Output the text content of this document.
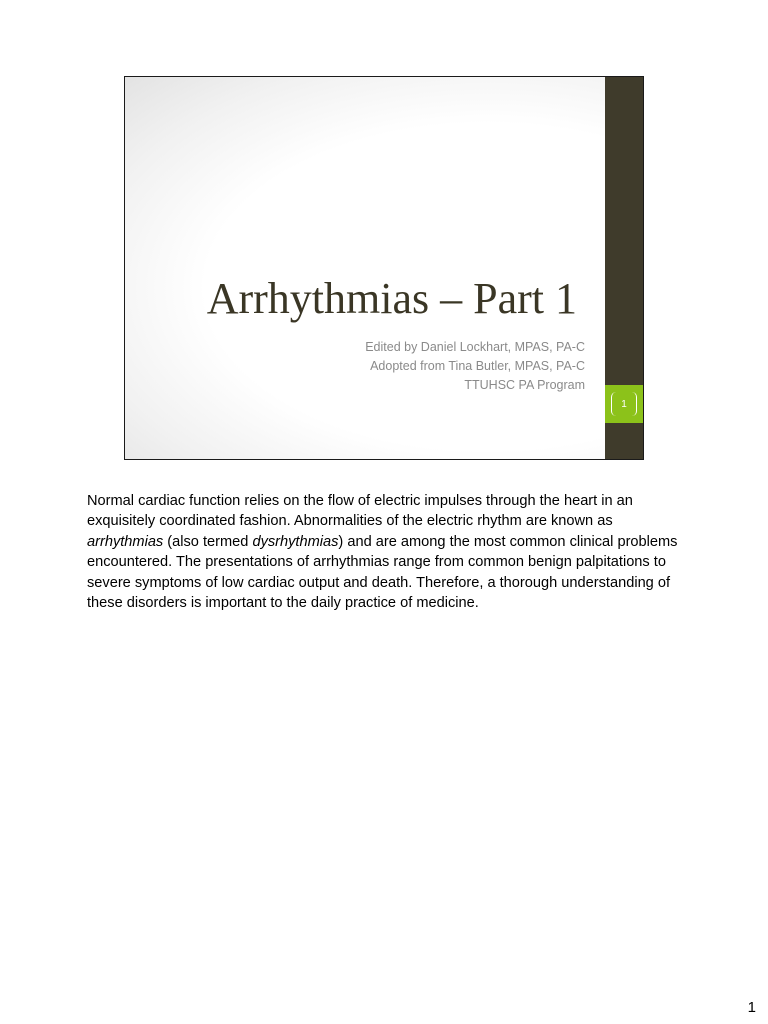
1
Arrhythmias – Part 1
Edited by Daniel Lockhart, MPAS, PA-C
Adopted from Tina Butler, MPAS, PA-C
TTUHSC PA Program

Normal cardiac function relies on the flow of electric impulses through the heart in an exquisitely coordinated fashion. Abnormalities of the electric rhythm are known as arrhythmias (also termed dysrhythmias) and are among the most common clinical problems encountered. The presentations of arrhythmias range from common benign palpitations to severe symptoms of low cardiac output and death. Therefore, a thorough understanding of these disorders is important to the daily practice of medicine.

1
